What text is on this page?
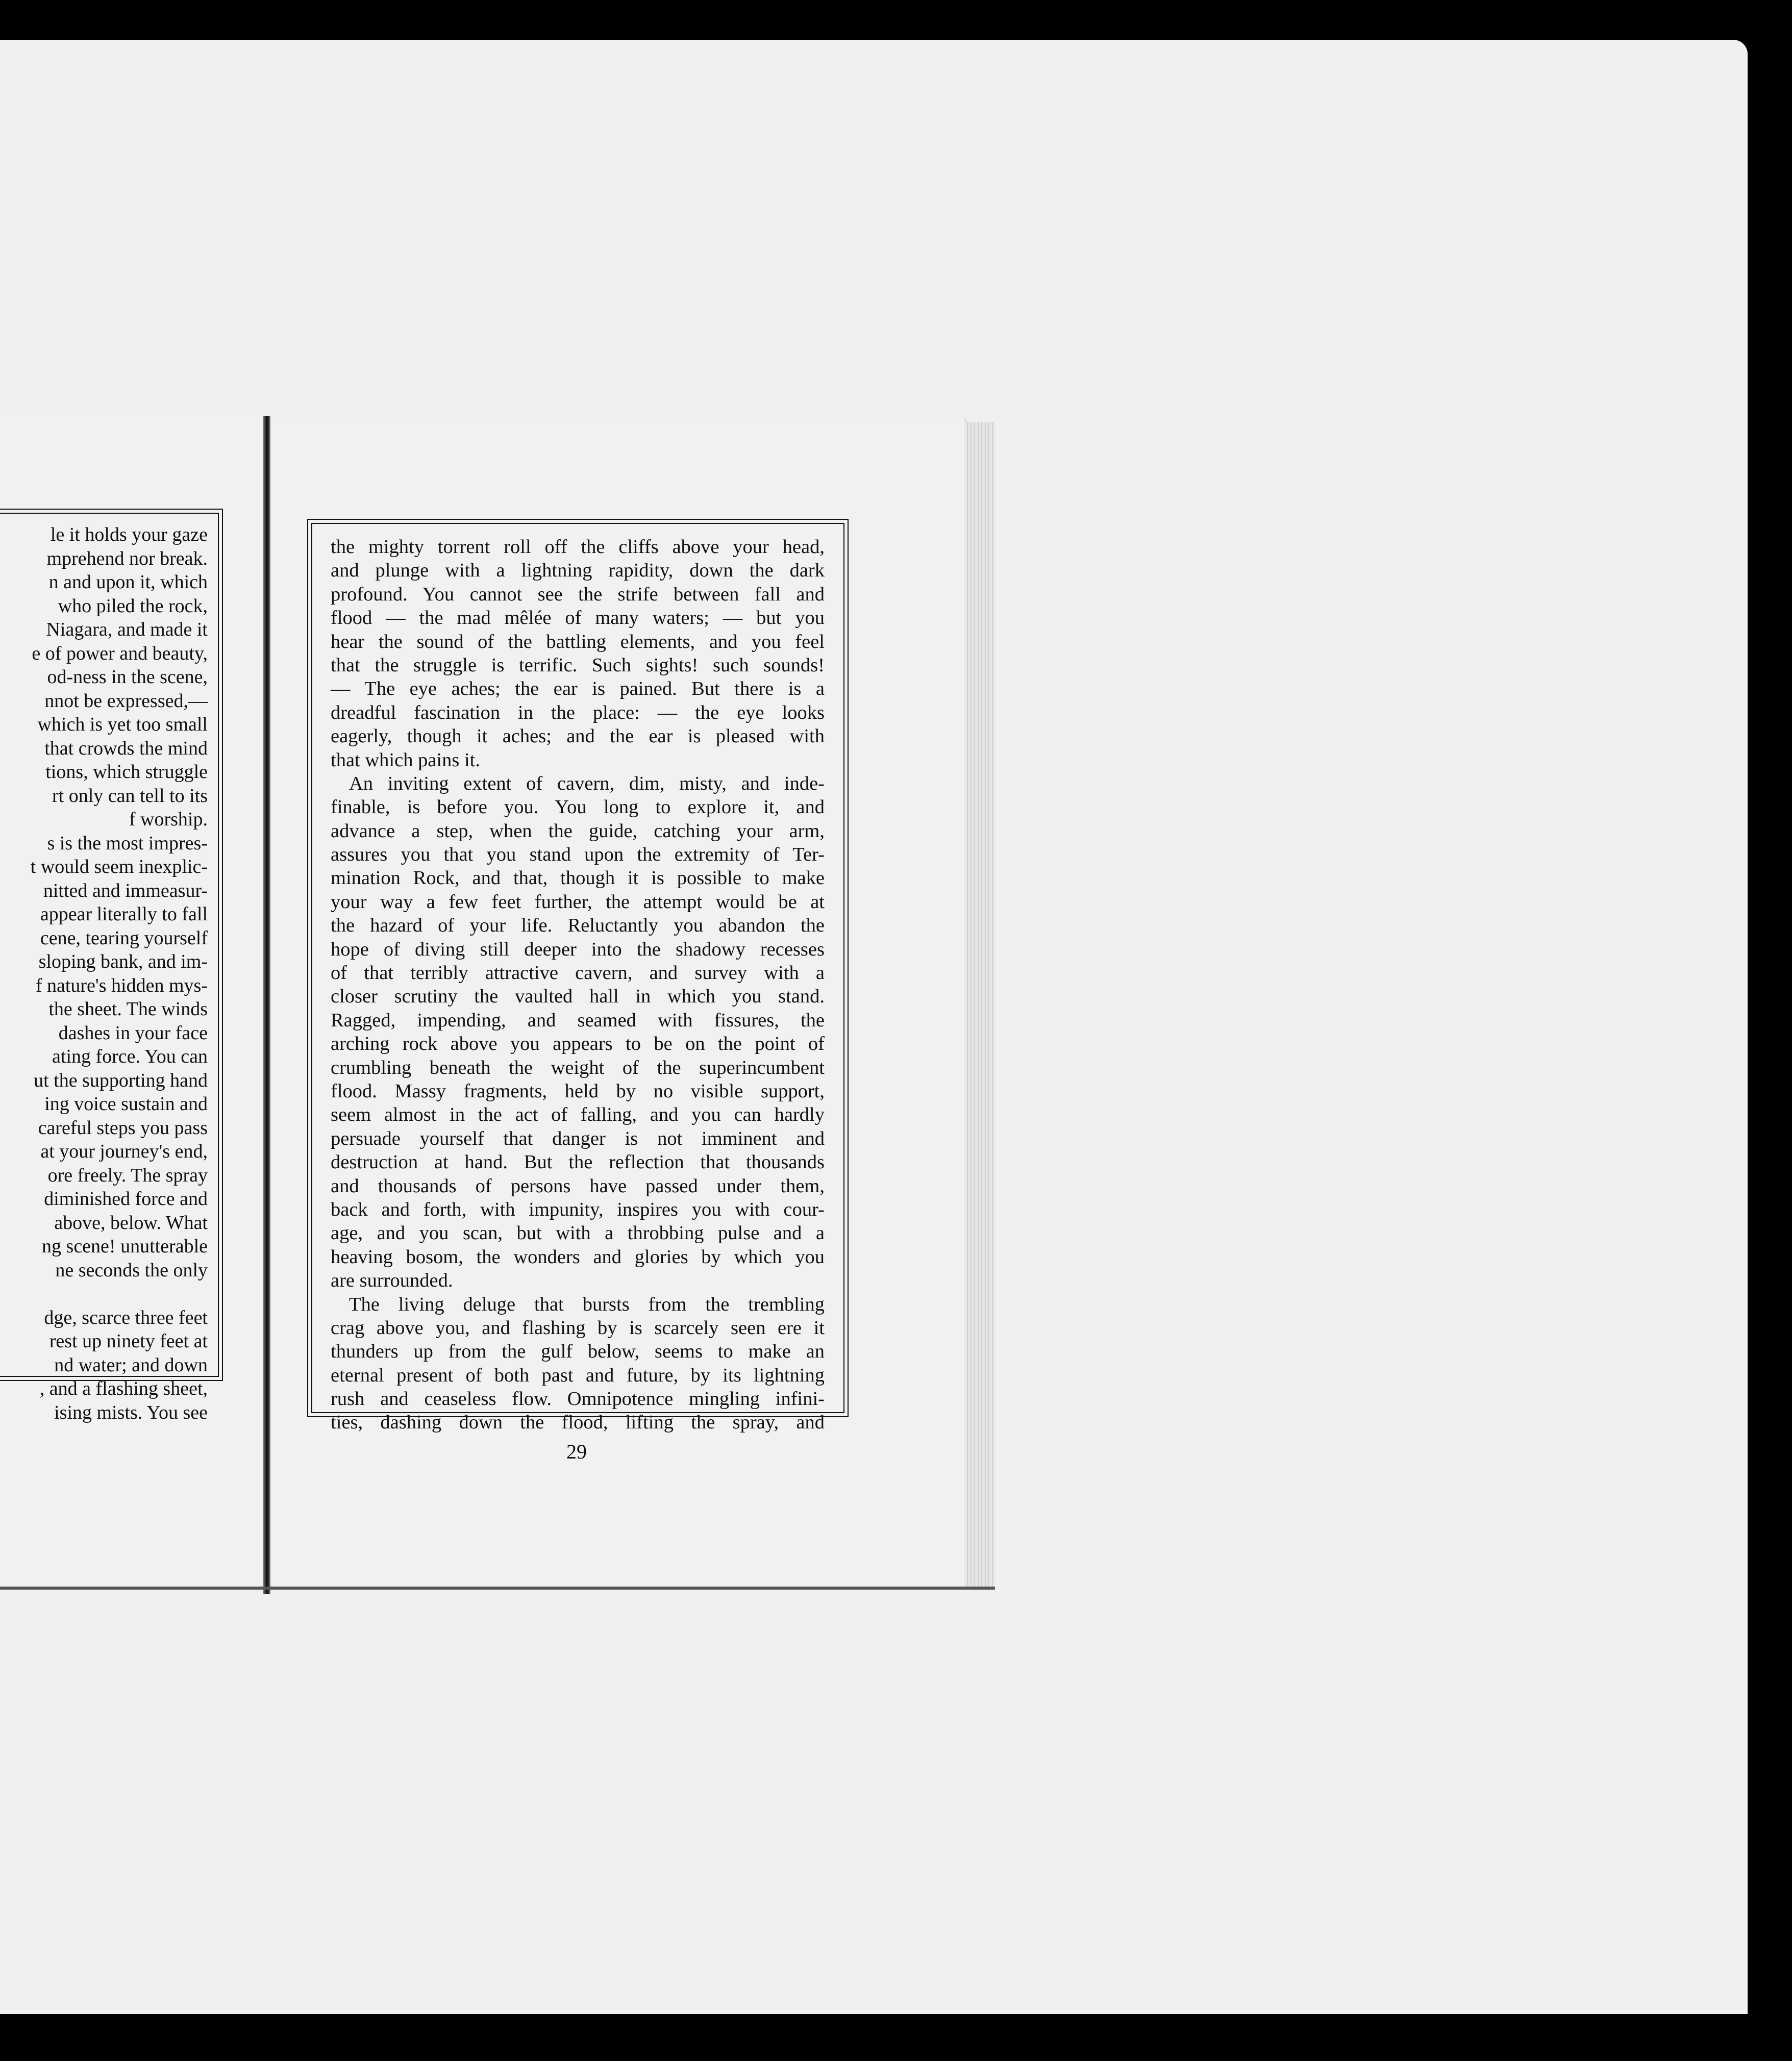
le it holds your gaze
mprehend nor break.
n and upon it, which
who piled the rock,
Niagara, and made it
e of power and beauty,
od-ness in the scene,
nnot be expressed,—
which is yet too small
that crowds the mind
tions, which struggle
rt only can tell to its
f worship.
s is the most impres-
t would seem inexplic-
nitted and immeasur-
appear literally to fall
cene, tearing yourself
sloping bank, and im-
f nature's hidden mys-
the sheet. The winds
dashes in your face
ating force. You can
ut the supporting hand
ing voice sustain and
careful steps you pass
at your journey's end,
ore freely. The spray
diminished force and
above, below. What
ng scene! unutterable
ne seconds the only

dge, scarce three feet
rest up ninety feet at
nd water; and down
, and a flashing sheet,
ising mists. You see
the mighty torrent roll off the cliffs above your head,
and plunge with a lightning rapidity, down the dark
profound. You cannot see the strife between fall and
flood — the mad mêlée of many waters; — but you
hear the sound of the battling elements, and you feel
that the struggle is terrific. Such sights! such sounds!
— The eye aches; the ear is pained. But there is a
dreadful fascination in the place: — the eye looks
eagerly, though it aches; and the ear is pleased with
that which pains it.
An inviting extent of cavern, dim, misty, and inde-
finable, is before you. You long to explore it, and
advance a step, when the guide, catching your arm,
assures you that you stand upon the extremity of Ter-
mination Rock, and that, though it is possible to make
your way a few feet further, the attempt would be at
the hazard of your life. Reluctantly you abandon the
hope of diving still deeper into the shadowy recesses
of that terribly attractive cavern, and survey with a
closer scrutiny the vaulted hall in which you stand.
Ragged, impending, and seamed with fissures, the
arching rock above you appears to be on the point of
crumbling beneath the weight of the superincumbent
flood. Massy fragments, held by no visible support,
seem almost in the act of falling, and you can hardly
persuade yourself that danger is not imminent and
destruction at hand. But the reflection that thousands
and thousands of persons have passed under them,
back and forth, with impunity, inspires you with cour-
age, and you scan, but with a throbbing pulse and a
heaving bosom, the wonders and glories by which you
are surrounded.
The living deluge that bursts from the trembling
crag above you, and flashing by is scarcely seen ere it
thunders up from the gulf below, seems to make an
eternal present of both past and future, by its lightning
rush and ceaseless flow. Omnipotence mingling infini-
ties, dashing down the flood, lifting the spray, and
29
